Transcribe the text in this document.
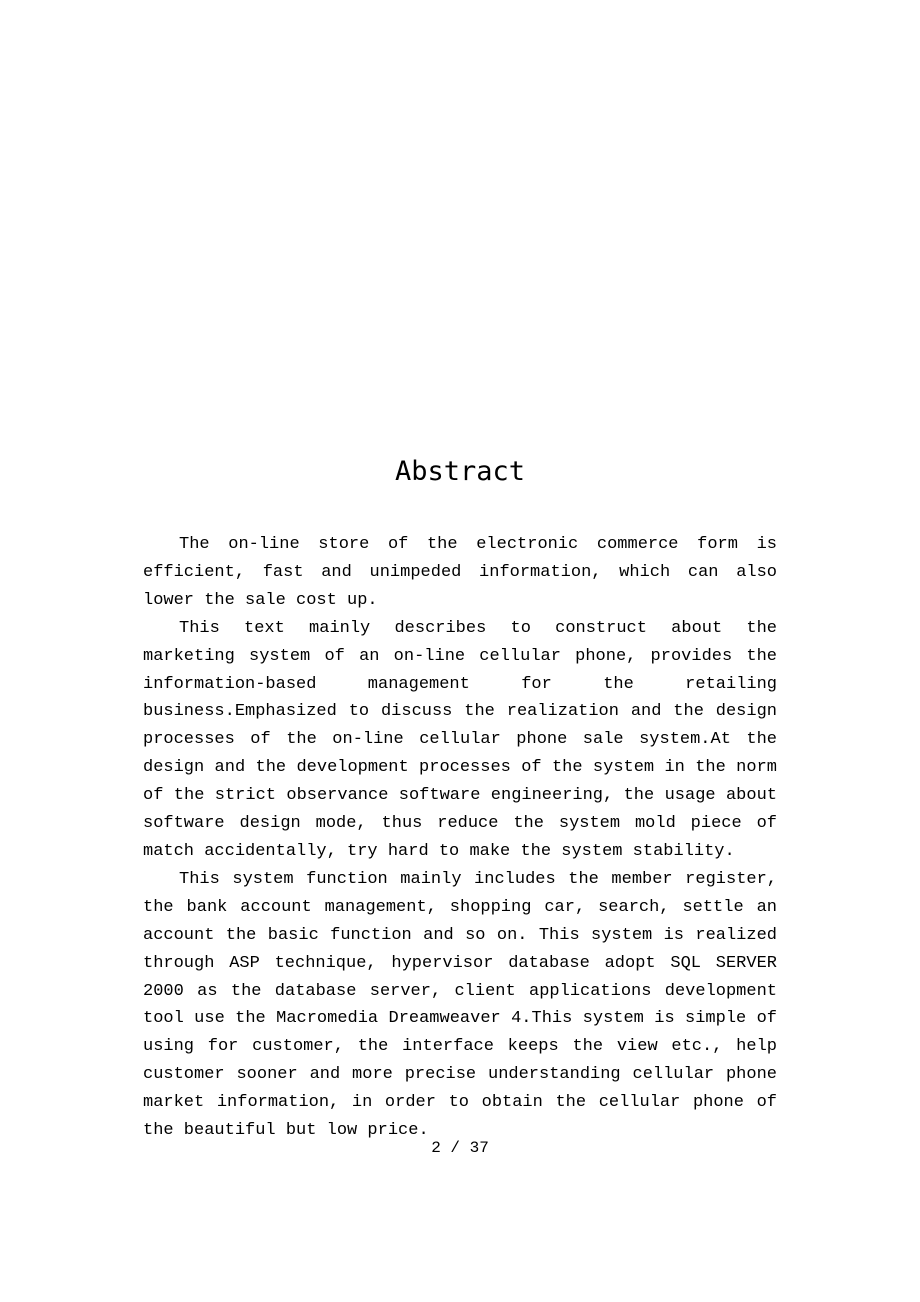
Abstract

The on-line store of the electronic commerce form is efficient, fast and unimpeded information, which can also lower the sale cost up.

This text mainly describes to construct about the marketing system of an on-line cellular phone, provides the information-based management for the retailing business.Emphasized to discuss the realization and the design processes of the on-line cellular phone sale system.At the design and the development processes of the system in the norm of the strict observance software engineering, the usage about software design mode, thus reduce the system mold piece of match accidentally, try hard to make the system stability.

This system function mainly includes the member register, the bank account management, shopping car, search, settle an account the basic function and so on. This system is realized through ASP technique, hypervisor database adopt SQL SERVER 2000 as the database server, client applications development tool use the Macromedia Dreamweaver 4.This system is simple of using for customer, the interface keeps the view etc., help customer sooner and more precise understanding cellular phone market information, in order to obtain the cellular phone of the beautiful but low price.

2 / 37
